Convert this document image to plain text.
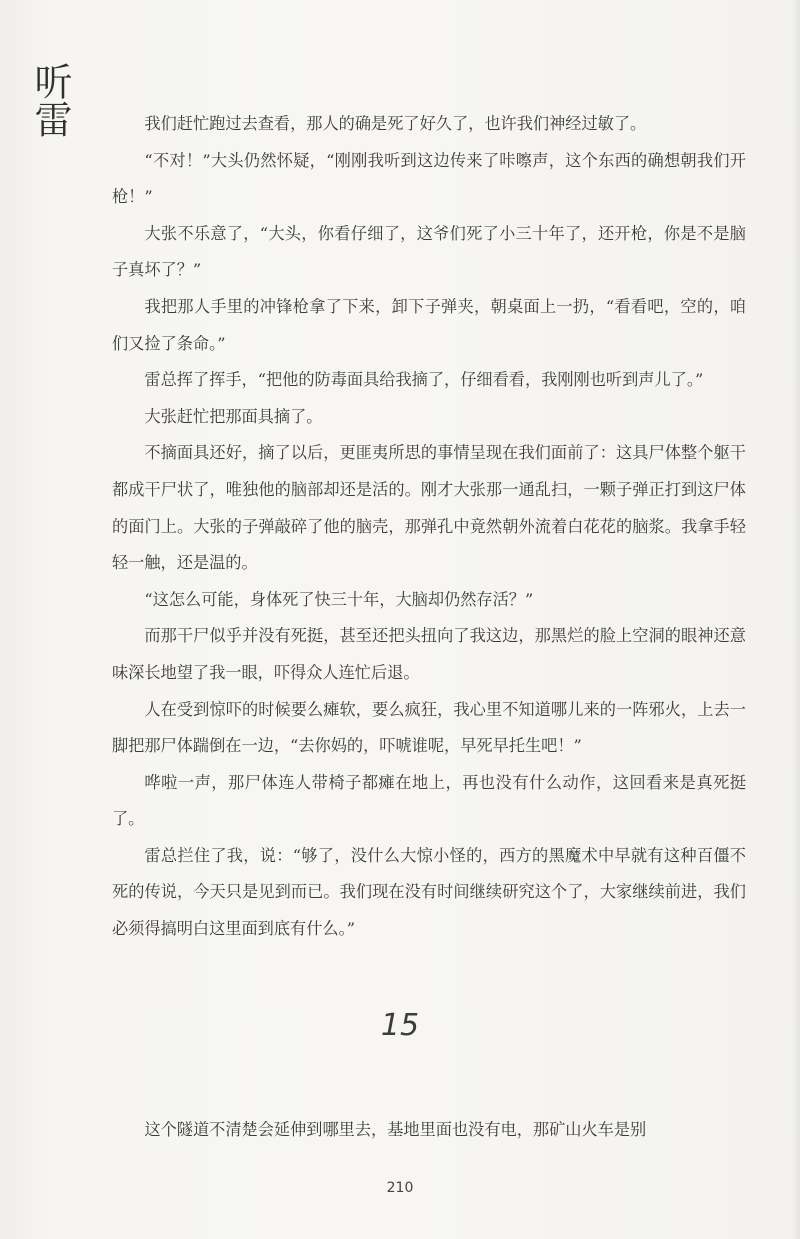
听雷	我们赶忙跑过去查看，那人的确是死了好久了，也许我们神经过敏了。

“不对！”大头仍然怀疑，“刚刚我听到这边传来了咔嚓声，这个东西的确想朝我们开枪！”

大张不乐意了，“大头，你看仔细了，这爷们死了小三十年了，还开枪，你是不是脑子真坏了？”

我把那人手里的冲锋枪拿了下来，卸下子弹夹，朝桌面上一扔，“看看吧，空的，咱们又捡了条命。”

雷总挥了挥手，“把他的防毒面具给我摘了，仔细看看，我刚刚也听到声儿了。”

大张赶忙把那面具摘了。

不摘面具还好，摘了以后，更匪夷所思的事情呈现在我们面前了：这具尸体整个躯干都成干尸状了，唯独他的脑部却还是活的。刚才大张那一通乱扫，一颗子弹正打到这尸体的面门上。大张的子弹敲碎了他的脑壳，那弹孔中竟然朝外流着白花花的脑浆。我拿手轻轻一触，还是温的。

“这怎么可能，身体死了快三十年，大脑却仍然存活？”

而那干尸似乎并没有死挺，甚至还把头扭向了我这边，那黑烂的脸上空洞的眼神还意味深长地望了我一眼，吓得众人连忙后退。

人在受到惊吓的时候要么瘫软，要么疯狂，我心里不知道哪儿来的一阵邪火，上去一脚把那尸体踹倒在一边，“去你妈的，吓唬谁呢，早死早托生吧！”

哗啦一声，那尸体连人带椅子都瘫在地上，再也没有什么动作，这回看来是真死挺了。

雷总拦住了我，说：“够了，没什么大惊小怪的，西方的黑魔术中早就有这种百僵不死的传说，今天只是见到而已。我们现在没有时间继续研究这个了，大家继续前进，我们必须得搞明白这里面到底有什么。”

15

这个隧道不清楚会延伸到哪里去，基地里面也没有电，那矿山火车是别

210
